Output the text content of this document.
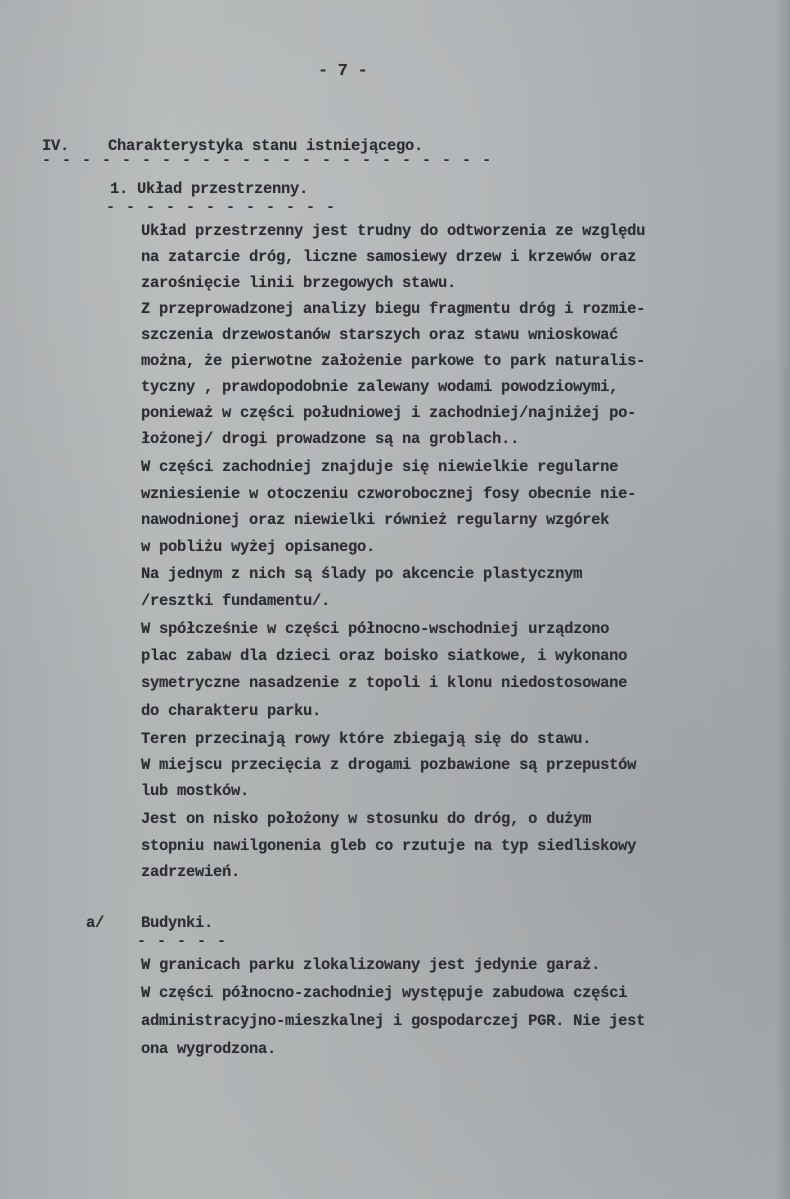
- 7 -
IV.	Charakterystyka stanu istniejącego.
- - - - - - - - - - - - - - - - - - - - - - -
1. Układ przestrzenny.
- - - - - - - - - - - -
Układ przestrzenny jest trudny do odtworzenia ze względu
na zatarcie dróg, liczne samosiewy drzew i krzewów oraz
zarośnięcie linii brzegowych stawu.
Z przeprowadzonej analizy biegu fragmentu dróg i rozmie-
szczenia drzewostanów starszych oraz stawu wnioskować
można, że pierwotne założenie parkowe to park naturalis-
tyczny , prawdopodobnie zalewany wodami powodziowymi,
ponieważ w części południowej i zachodniej/najniżej po-
łożonej/ drogi prowadzone są na groblach..
W części zachodniej znajduje się niewielkie regularne
wzniesienie w otoczeniu czworobocznej fosy obecnie nie-
nawodnionej oraz niewielki również regularny wzgórek
w pobliżu wyżej opisanego.
Na jednym z nich są ślady po akcencie plastycznym
/resztki fundamentu/.
W spółcześnie w części północno-wschodniej urządzono
plac zabaw dla dzieci oraz boisko siatkowe, i wykonano
symetryczne nasadzenie z topoli i klonu niedostosowane
do charakteru parku.
Teren przecinają rowy które zbiegają się do stawu.
W miejscu przecięcia z drogami pozbawione są przepustów
lub mostków.
Jest on nisko położony w stosunku do dróg, o dużym
stopniu nawilgonenia gleb co rzutuje na typ siedliskowy
zadrzewień.
a/ Budynki.
- - - - -
W granicach parku zlokalizowany jest jedynie garaż.
W części północno-zachodniej występuje zabudowa części
administracyjno-mieszkalnej i gospodarczej PGR. Nie jest
ona wygrodzona.
